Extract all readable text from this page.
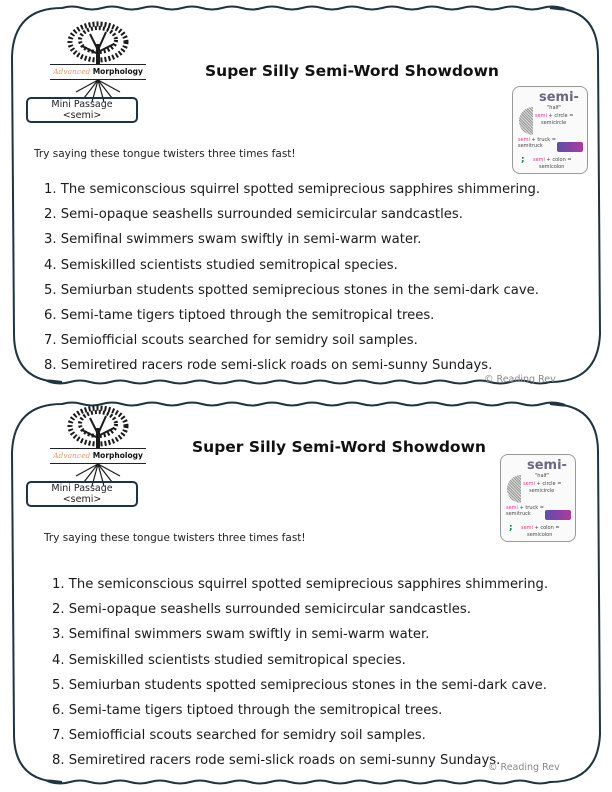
Advanced Morphology
Mini Passage
<semi>
Super Silly Semi-Word Showdown
semi-
"half"
semi + circle =
semicircle
semi + truck =
semitruck
; semi + colon =
semicolon
Try saying these tongue twisters three times fast!
1. The semiconscious squirrel spotted semiprecious sapphires shimmering.
2. Semi-opaque seashells surrounded semicircular sandcastles.
3. Semifinal swimmers swam swiftly in semi-warm water.
4. Semiskilled scientists studied semitropical species.
5. Semiurban students spotted semiprecious stones in the semi-dark cave.
6. Semi-tame tigers tiptoed through the semitropical trees.
7. Semiofficial scouts searched for semidry soil samples.
8. Semiretired racers rode semi-slick roads on semi-sunny Sundays.
© Reading Rev
Advanced Morphology
Mini Passage
<semi>
Super Silly Semi-Word Showdown
semi-
"half"
semi + circle =
semicircle
semi + truck =
semitruck
; semi + colon =
semicolon
Try saying these tongue twisters three times fast!
1. The semiconscious squirrel spotted semiprecious sapphires shimmering.
2. Semi-opaque seashells surrounded semicircular sandcastles.
3. Semifinal swimmers swam swiftly in semi-warm water.
4. Semiskilled scientists studied semitropical species.
5. Semiurban students spotted semiprecious stones in the semi-dark cave.
6. Semi-tame tigers tiptoed through the semitropical trees.
7. Semiofficial scouts searched for semidry soil samples.
8. Semiretired racers rode semi-slick roads on semi-sunny Sundays.
© Reading Rev
